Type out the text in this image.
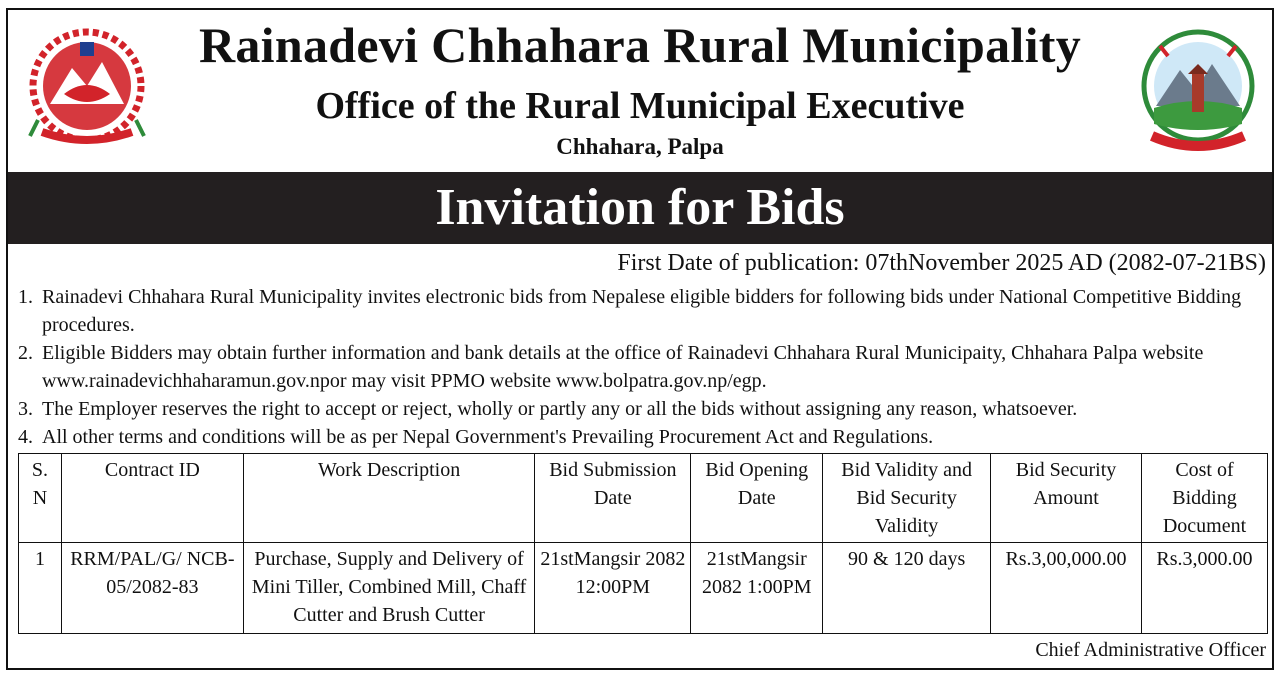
Rainadevi Chhahara Rural Municipality
Office of the Rural Municipal Executive
Chhahara, Palpa
Invitation for Bids
First Date of publication: 07thNovember 2025 AD (2082-07-21BS)
1. Rainadevi Chhahara Rural Municipality invites electronic bids from Nepalese eligible bidders for following bids under National Competitive Bidding procedures.
2. Eligible Bidders may obtain further information and bank details at the office of Rainadevi Chhahara Rural Municipaity, Chhahara Palpa website www.rainadevichhaharamun.gov.npor may visit PPMO website www.bolpatra.gov.np/egp.
3. The Employer reserves the right to accept or reject, wholly or partly any or all the bids without assigning any reason, whatsoever.
4. All other terms and conditions will be as per Nepal Government's Prevailing Procurement Act and Regulations.
S. N	Contract ID	Work Description	Bid Submission Date	Bid Opening Date	Bid Validity and Bid Security Validity	Bid Security Amount	Cost of Bidding Document
1	RRM/PAL/G/ NCB-05/2082-83	Purchase, Supply and Delivery of Mini Tiller, Combined Mill, Chaff Cutter and Brush Cutter	21stMangsir 2082 12:00PM	21stMangsir 2082 1:00PM	90 & 120 days	Rs.3,00,000.00	Rs.3,000.00
Chief Administrative Officer
